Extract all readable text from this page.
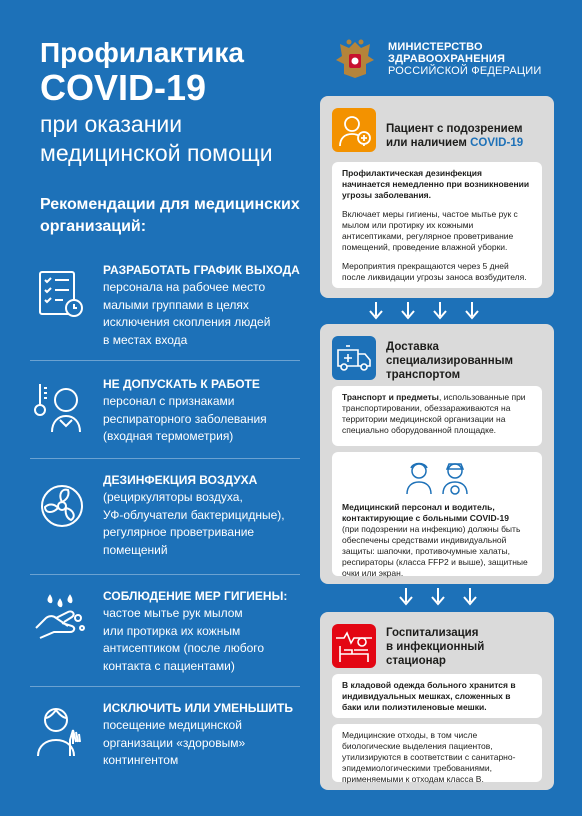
Профилактика
COVID-19
при оказании
медицинской помощи
МИНИСТЕРСТВО
ЗДРАВООХРАНЕНИЯ
РОССИЙСКОЙ ФЕДЕРАЦИИ
Рекомендации для медицинских
организаций:
РАЗРАБОТАТЬ ГРАФИК ВЫХОДА
персонала на рабочее место
малыми группами в целях
исключения скопления людей
в местах входа
НЕ ДОПУСКАТЬ К РАБОТЕ
персонал с признаками
респираторного заболевания
(входная термометрия)
ДЕЗИНФЕКЦИЯ ВОЗДУХА
(рециркуляторы воздуха,
УФ-облучатели бактерицидные),
регулярное проветривание
помещений
СОБЛЮДЕНИЕ МЕР ГИГИЕНЫ:
частое мытье рук мылом
или протирка их кожным
антисептиком (после любого
контакта с пациентами)
ИСКЛЮЧИТЬ ИЛИ УМЕНЬШИТЬ
посещение медицинской
организации «здоровым»
контингентом
Пациент с подозрением
или наличием COVID-19

Профилактическая дезинфекция начинается немедленно при возникновении угрозы заболевания.

Включает меры гигиены, частое мытье рук с мылом или протирку их кожными антисептиками, регулярное проветривание помещений, проведение влажной уборки.

Мероприятия прекращаются через 5 дней после ликвидации угрозы заноса возбудителя.

Доставка
специализированным
транспортом

Транспорт и предметы, использованные при транспортировании, обеззараживаются на территории медицинской организации на специально оборудованной площадке.

Медицинский персонал и водитель, контактирующие с больными COVID-19

(при подозрении на инфекцию) должны быть обеспечены средствами индивидуальной защиты: шапочки, противочумные халаты, респираторы (класса FFP2 и выше), защитные очки или экран.

Госпитализация
в инфекционный
стационар

В кладовой одежда больного хранится в индивидуальных мешках, сложенных в баки или полиэтиленовые мешки.

Медицинские отходы, в том числе биологические выделения пациентов, утилизируются в соответствии с санитарно-эпидемиологическими требованиями, применяемыми к отходам класса В.
